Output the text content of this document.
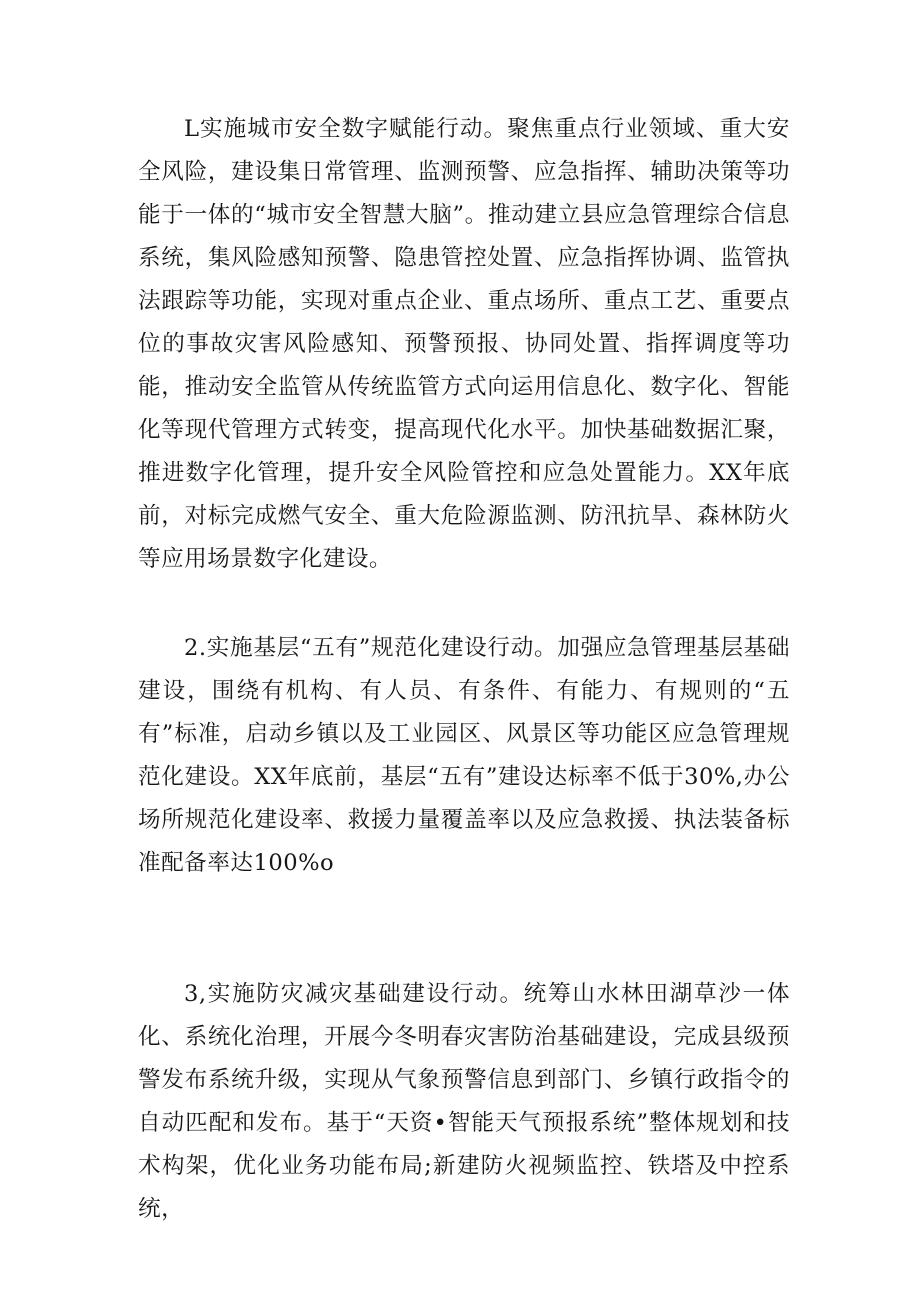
L实施城市安全数字赋能行动。聚焦重点行业领域、重大安全风险，建设集日常管理、监测预警、应急指挥、辅助决策等功能于一体的“城市安全智慧大脑”。推动建立县应急管理综合信息系统，集风险感知预警、隐患管控处置、应急指挥协调、监管执法跟踪等功能，实现对重点企业、重点场所、重点工艺、重要点位的事故灾害风险感知、预警预报、协同处置、指挥调度等功能，推动安全监管从传统监管方式向运用信息化、数字化、智能化等现代管理方式转变，提高现代化水平。加快基础数据汇聚，推进数字化管理，提升安全风险管控和应急处置能力。XX年底前，对标完成燃气安全、重大危险源监测、防汛抗旱、森林防火等应用场景数字化建设。

2.实施基层“五有”规范化建设行动。加强应急管理基层基础建设，围绕有机构、有人员、有条件、有能力、有规则的“五有”标准，启动乡镇以及工业园区、风景区等功能区应急管理规范化建设。XX年底前，基层“五有”建设达标率不低于30%,办公场所规范化建设率、救援力量覆盖率以及应急救援、执法装备标准配备率达100%o

3,实施防灾减灾基础建设行动。统筹山水林田湖草沙一体化、系统化治理，开展今冬明春灾害防治基础建设，完成县级预警发布系统升级，实现从气象预警信息到部门、乡镇行政指令的自动匹配和发布。基于“天资•智能天气预报系统”整体规划和技术构架，优化业务功能布局;新建防火视频监控、铁塔及中控系统，
